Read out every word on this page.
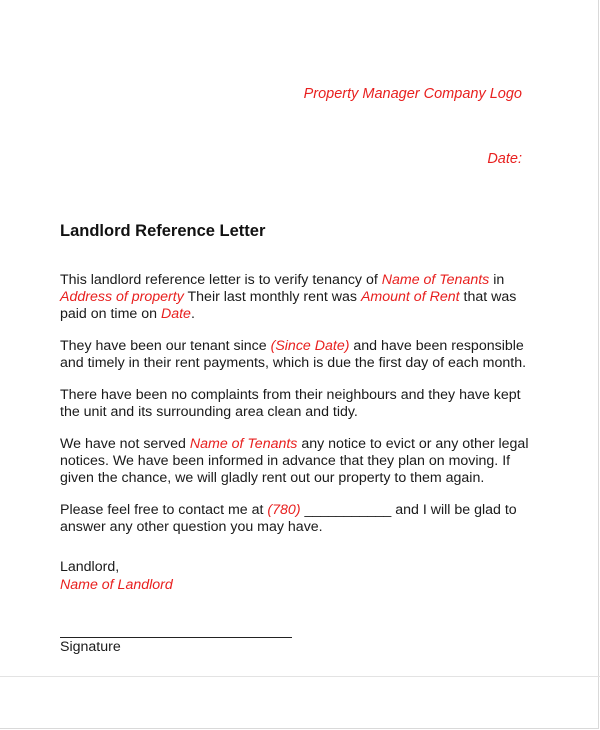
Property Manager Company Logo
Date:
Landlord Reference Letter

This landlord reference letter is to verify tenancy of Name of Tenants in
Address of property Their last monthly rent was Amount of Rent that was
paid on time on Date.

They have been our tenant since (Since Date) and have been responsible
and timely in their rent payments, which is due the first day of each month.

There have been no complaints from their neighbours and they have kept
the unit and its surrounding area clean and tidy.

We have not served Name of Tenants any notice to evict or any other legal
notices. We have been informed in advance that they plan on moving. If
given the chance, we will gladly rent out our property to them again.

Please feel free to contact me at (780) ___________ and I will be glad to
answer any other question you may have.

Landlord,
Name of Landlord
Signature
